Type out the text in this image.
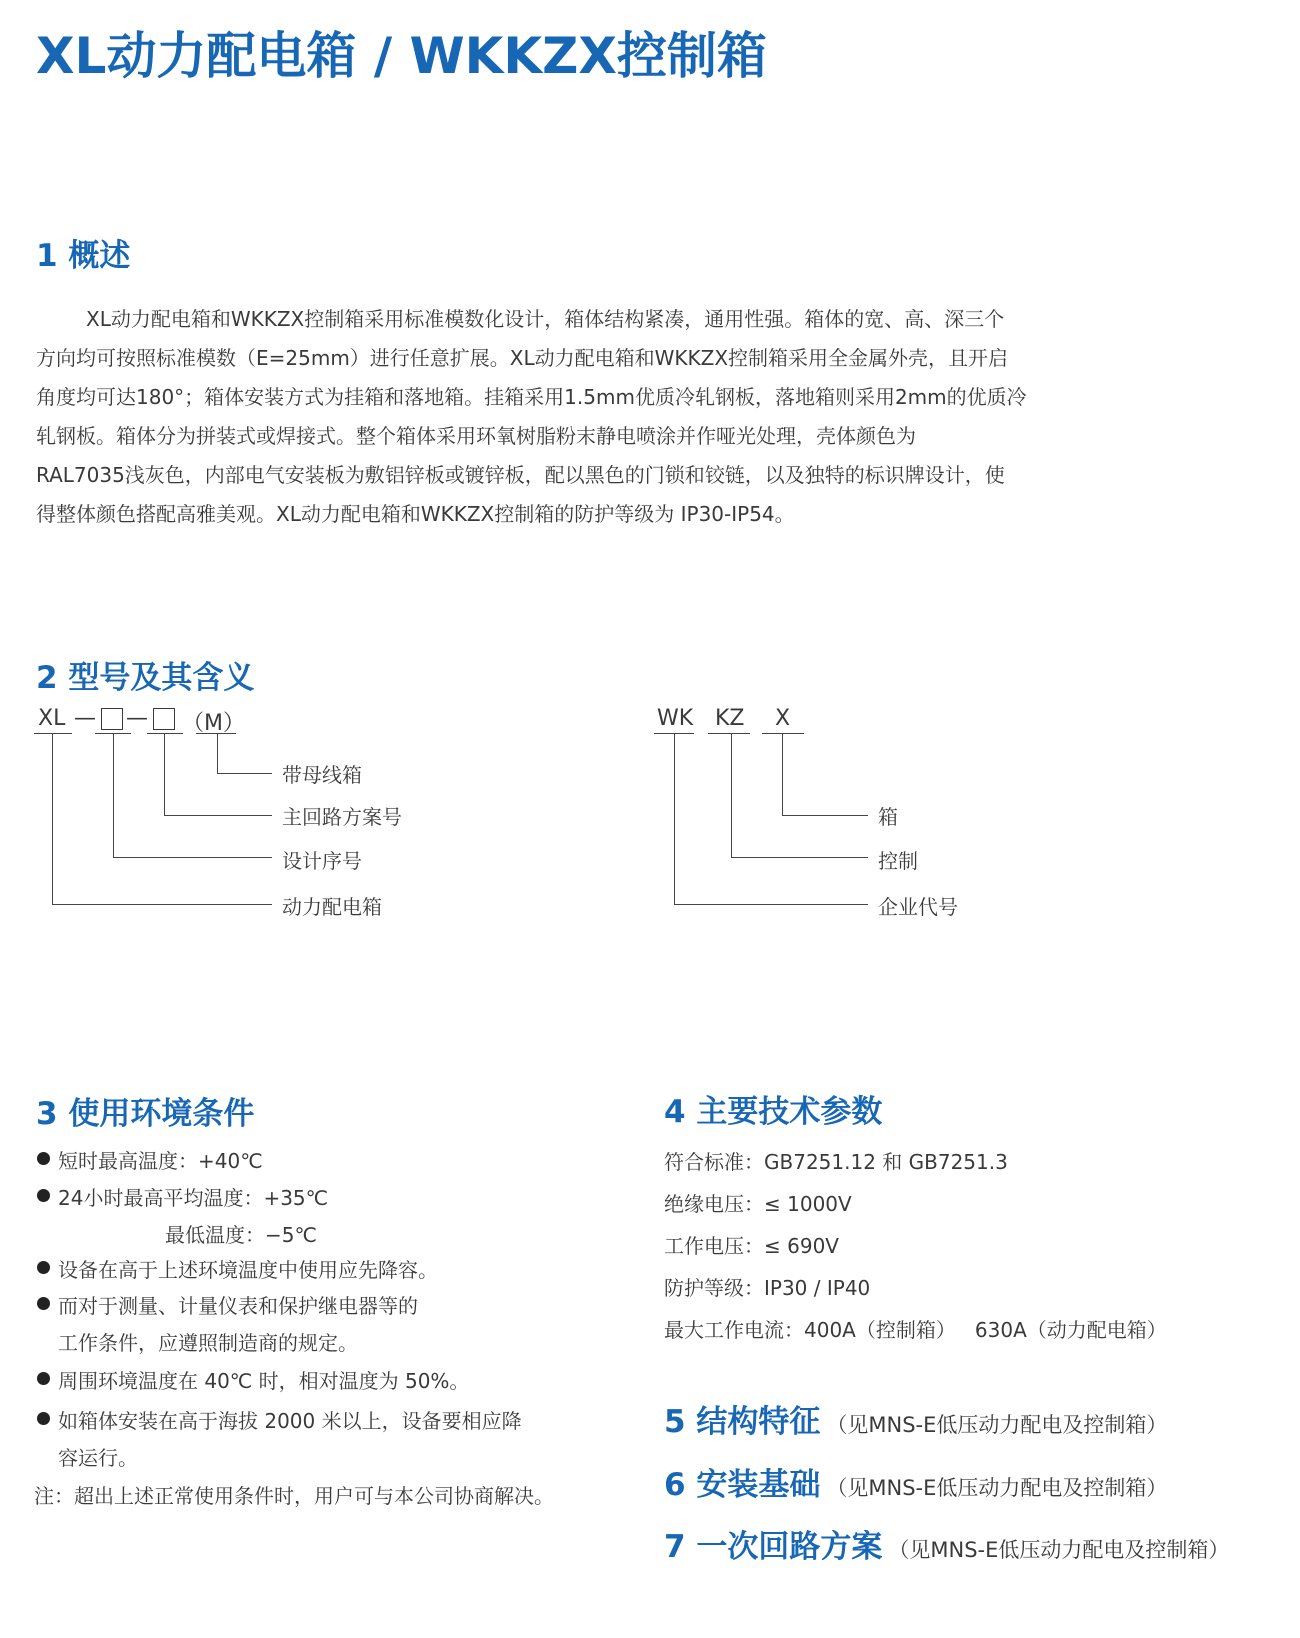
XL动力配电箱 / WKKZX控制箱
1 概述
XL动力配电箱和WKKZX控制箱采用标准模数化设计，箱体结构紧凑，通用性强。箱体的宽、高、深三个
方向均可按照标准模数（E=25mm）进行任意扩展。XL动力配电箱和WKKZX控制箱采用全金属外壳，且开启
角度均可达180°；箱体安装方式为挂箱和落地箱。挂箱采用1.5mm优质冷轧钢板，落地箱则采用2mm的优质冷
轧钢板。箱体分为拼装式或焊接式。整个箱体采用环氧树脂粉末静电喷涂并作哑光处理，壳体颜色为
RAL7035浅灰色，内部电气安装板为敷铝锌板或镀锌板，配以黑色的门锁和铰链，以及独特的标识牌设计，使
得整体颜色搭配高雅美观。XL动力配电箱和WKKZX控制箱的防护等级为 IP30-IP54。
2 型号及其含义
XL — — （M）
带母线箱
主回路方案号
设计序号
动力配电箱
WK KZ X
箱
控制
企业代号
3 使用环境条件
短时最高温度：+40℃
24小时最高平均温度：+35℃
最低温度：−5℃
设备在高于上述环境温度中使用应先降容。
而对于测量、计量仪表和保护继电器等的
工作条件，应遵照制造商的规定。
周围环境温度在 40℃ 时，相对温度为 50%。
如箱体安装在高于海拔 2000 米以上，设备要相应降
容运行。
注：超出上述正常使用条件时，用户可与本公司协商解决。
4 主要技术参数
符合标准：GB7251.12 和 GB7251.3
绝缘电压：≤ 1000V
工作电压：≤ 690V
防护等级：IP30 / IP40
最大工作电流：400A（控制箱）   630A（动力配电箱）
5 结构特征 （见MNS-E低压动力配电及控制箱）
6 安装基础 （见MNS-E低压动力配电及控制箱）
7 一次回路方案 （见MNS-E低压动力配电及控制箱）
